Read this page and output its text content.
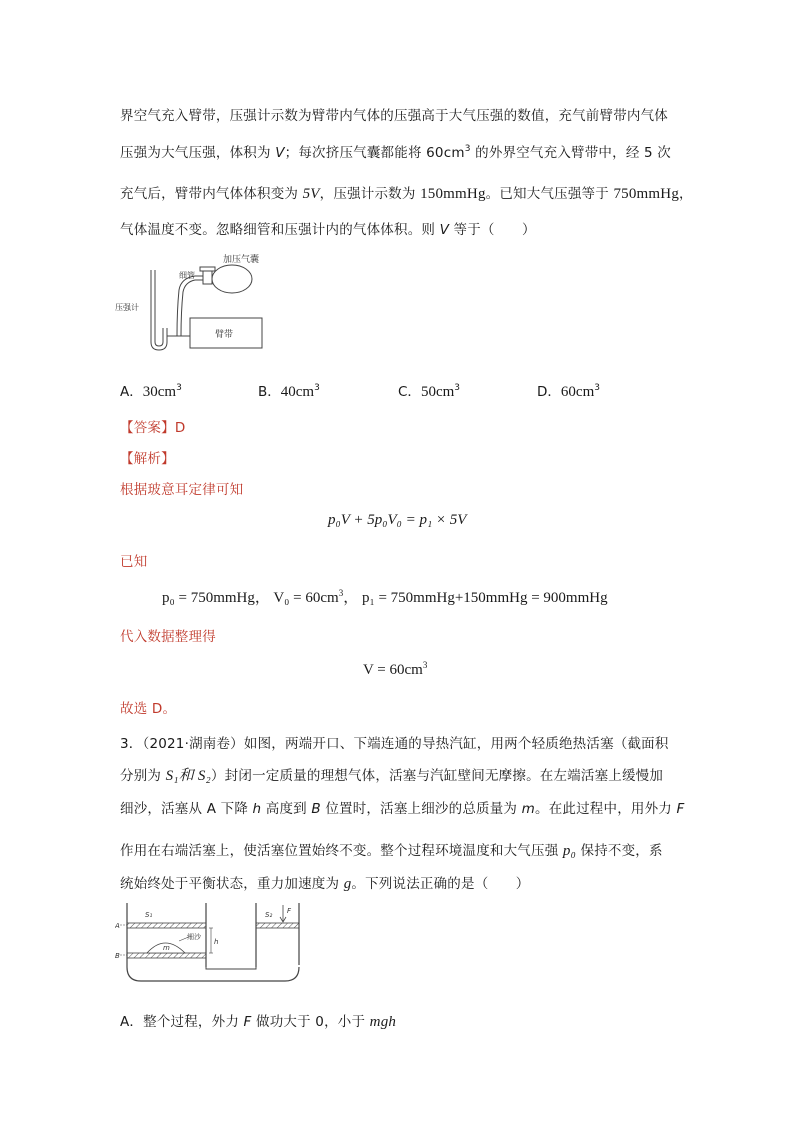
界空气充入臂带，压强计示数为臂带内气体的压强高于大气压强的数值，充气前臂带内气体
压强为大气压强，体积为 V；每次挤压气囊都能将 $60cm^3$ 的外界空气充入臂带中，经 5 次
充气后，臂带内气体体积变为 5V，压强计示数为 150mmHg。已知大气压强等于 750mmHg，
气体温度不变。忽略细管和压强计内的气体体积。则 V 等于（　　）
臂带
加压气囊
细管
压强计
A．$30cm^3$	B．$40cm^3$	C．$50cm^3$	D．$60cm^3$
【答案】D
【解析】
根据玻意耳定律可知
p₀V + 5p₀V₀ = p₁ × 5V
已知
p₀ = 750mmHg， $V_0 = 60cm^3$， p₁ = 750mmHg+150mmHg = 900mmHg
代入数据整理得
$V = 60cm^3$
故选 D。
3．（2021·湖南卷）如图，两端开口、下端连通的导热汽缸，用两个轻质绝热活塞（截面积
分别为 S₁和 S₂）封闭一定质量的理想气体，活塞与汽缸壁间无摩擦。在左端活塞上缓慢加
细沙，活塞从 A 下降 h 高度到 B 位置时，活塞上细沙的总质量为 m。在此过程中，用外力 F
作用在右端活塞上，使活塞位置始终不变。整个过程环境温度和大气压强 p₀ 保持不变，系
统始终处于平衡状态，重力加速度为 g。下列说法正确的是（　　）
S₁	S₂ F
细沙
m
h
A
B
A．整个过程，外力 F 做功大于 0，小于 mgh
